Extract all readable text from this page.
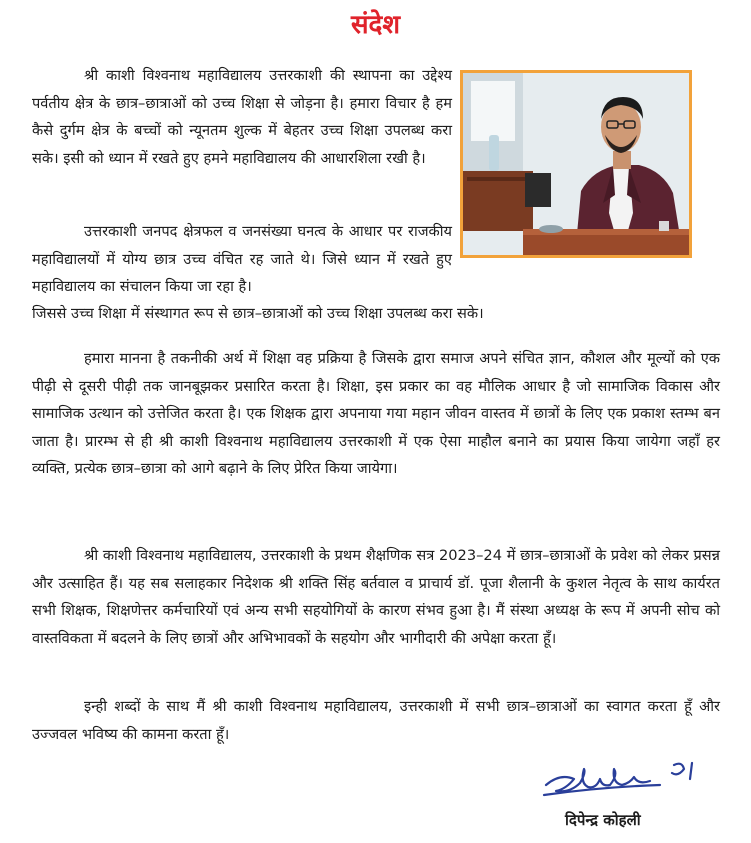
संदेश

श्री काशी विश्वनाथ महाविद्यालय उत्तरकाशी की स्थापना का उद्देश्य पर्वतीय क्षेत्र के छात्र–छात्राओं को उच्च शिक्षा से जोड़ना है। हमारा विचार है हम कैसे दुर्गम क्षेत्र के बच्चों को न्यूनतम शुल्क में बेहतर उच्च शिक्षा उपलब्ध करा सके। इसी को ध्यान में रखते हुए हमने महाविद्यालय की आधारशिला रखी है।

उत्तरकाशी जनपद क्षेत्रफल व जनसंख्या घनत्व के आधार पर राजकीय महाविद्यालयों में योग्य छात्र उच्च वंचित रह जाते थे। जिसे ध्यान में रखते हुए महाविद्यालय का संचालन किया जा रहा है।

जिससे उच्च शिक्षा में संस्थागत रूप से छात्र–छात्राओं को उच्च शिक्षा उपलब्ध करा सके।

हमारा मानना है तकनीकी अर्थ में शिक्षा वह प्रक्रिया है जिसके द्वारा समाज अपने संचित ज्ञान, कौशल और मूल्यों को एक पीढ़ी से दूसरी पीढ़ी तक जानबूझकर प्रसारित करता है। शिक्षा, इस प्रकार का वह मौलिक आधार है जो सामाजिक विकास और सामाजिक उत्थान को उत्तेजित करता है। एक शिक्षक द्वारा अपनाया गया महान जीवन वास्तव में छात्रों के लिए एक प्रकाश स्तम्भ बन जाता है। प्रारम्भ से ही श्री काशी विश्वनाथ महाविद्यालय उत्तरकाशी में एक ऐसा माहौल बनाने का प्रयास किया जायेगा जहाँ हर व्यक्ति, प्रत्येक छात्र–छात्रा को आगे बढ़ाने के लिए प्रेरित किया जायेगा।

श्री काशी विश्वनाथ महाविद्यालय, उत्तरकाशी के प्रथम शैक्षणिक सत्र 2023–24 में छात्र–छात्राओं के प्रवेश को लेकर प्रसन्न और उत्साहित हैं। यह सब सलाहकार निदेशक श्री शक्ति सिंह बर्तवाल व प्राचार्य डॉ. पूजा शैलानी के कुशल नेतृत्व के साथ कार्यरत सभी शिक्षक, शिक्षणेत्तर कर्मचारियों एवं अन्य सभी सहयोगियों के कारण संभव हुआ है। मैं संस्था अध्यक्ष के रूप में अपनी सोच को वास्तविकता में बदलने के लिए छात्रों और अभिभावकों के सहयोग और भागीदारी की अपेक्षा करता हूँ।

इन्ही शब्दों के साथ मैं श्री काशी विश्वनाथ महाविद्यालय, उत्तरकाशी में सभी छात्र–छात्राओं का स्वागत करता हूँ और उज्जवल भविष्य की कामना करता हूँ।

दिपेन्द्र कोहली
